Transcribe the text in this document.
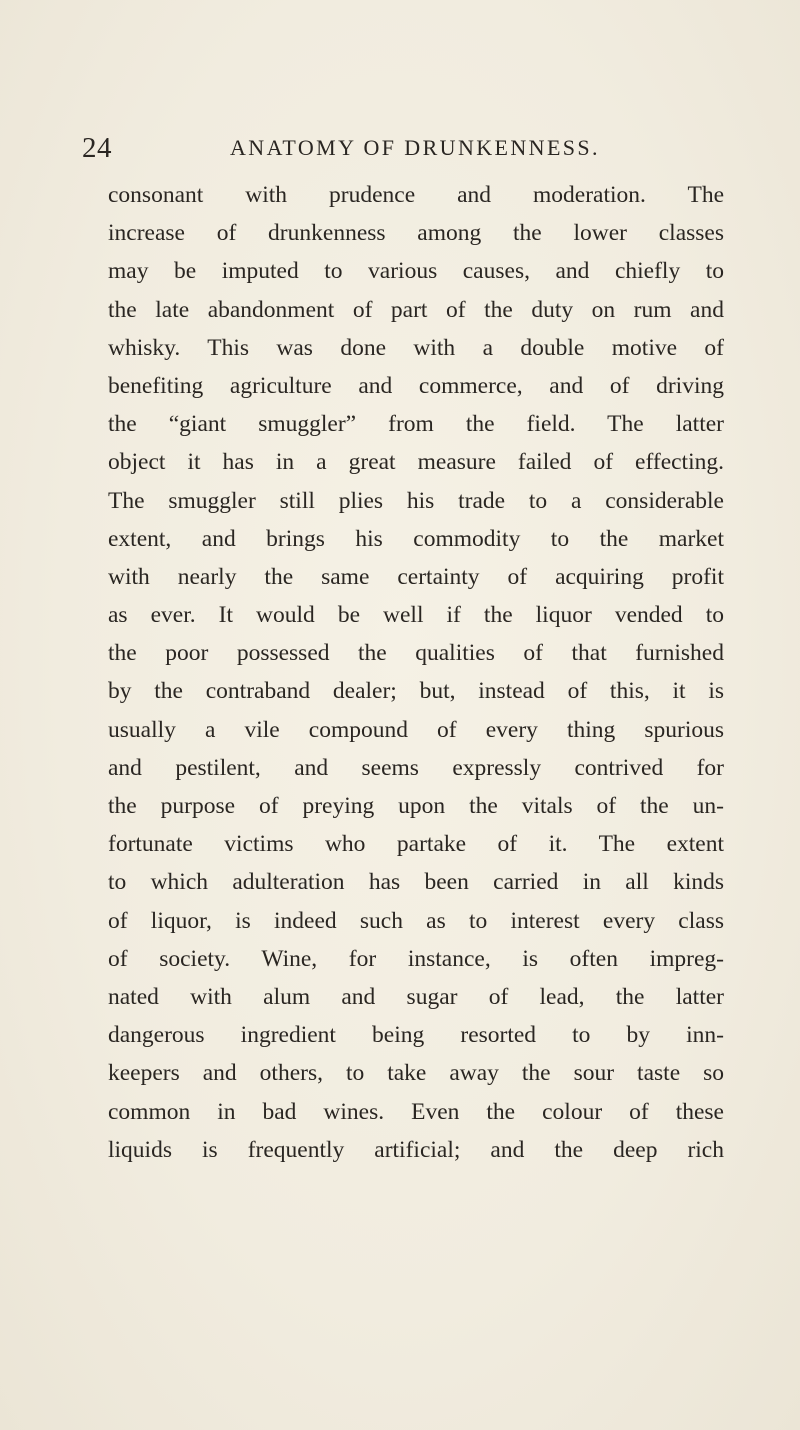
24	ANATOMY OF DRUNKENNESS.
consonant with prudence and moderation. The
increase of drunkenness among the lower classes
may be imputed to various causes, and chiefly to
the late abandonment of part of the duty on rum and
whisky. This was done with a double motive of
benefiting agriculture and commerce, and of driving
the “giant smuggler” from the field. The latter
object it has in a great measure failed of effecting.
The smuggler still plies his trade to a considerable
extent, and brings his commodity to the market
with nearly the same certainty of acquiring profit
as ever. It would be well if the liquor vended to
the poor possessed the qualities of that furnished
by the contraband dealer; but, instead of this, it is
usually a vile compound of every thing spurious
and pestilent, and seems expressly contrived for
the purpose of preying upon the vitals of the un-
fortunate victims who partake of it. The extent
to which adulteration has been carried in all kinds
of liquor, is indeed such as to interest every class
of society. Wine, for instance, is often impreg-
nated with alum and sugar of lead, the latter
dangerous ingredient being resorted to by inn-
keepers and others, to take away the sour taste so
common in bad wines. Even the colour of these
liquids is frequently artificial; and the deep rich
